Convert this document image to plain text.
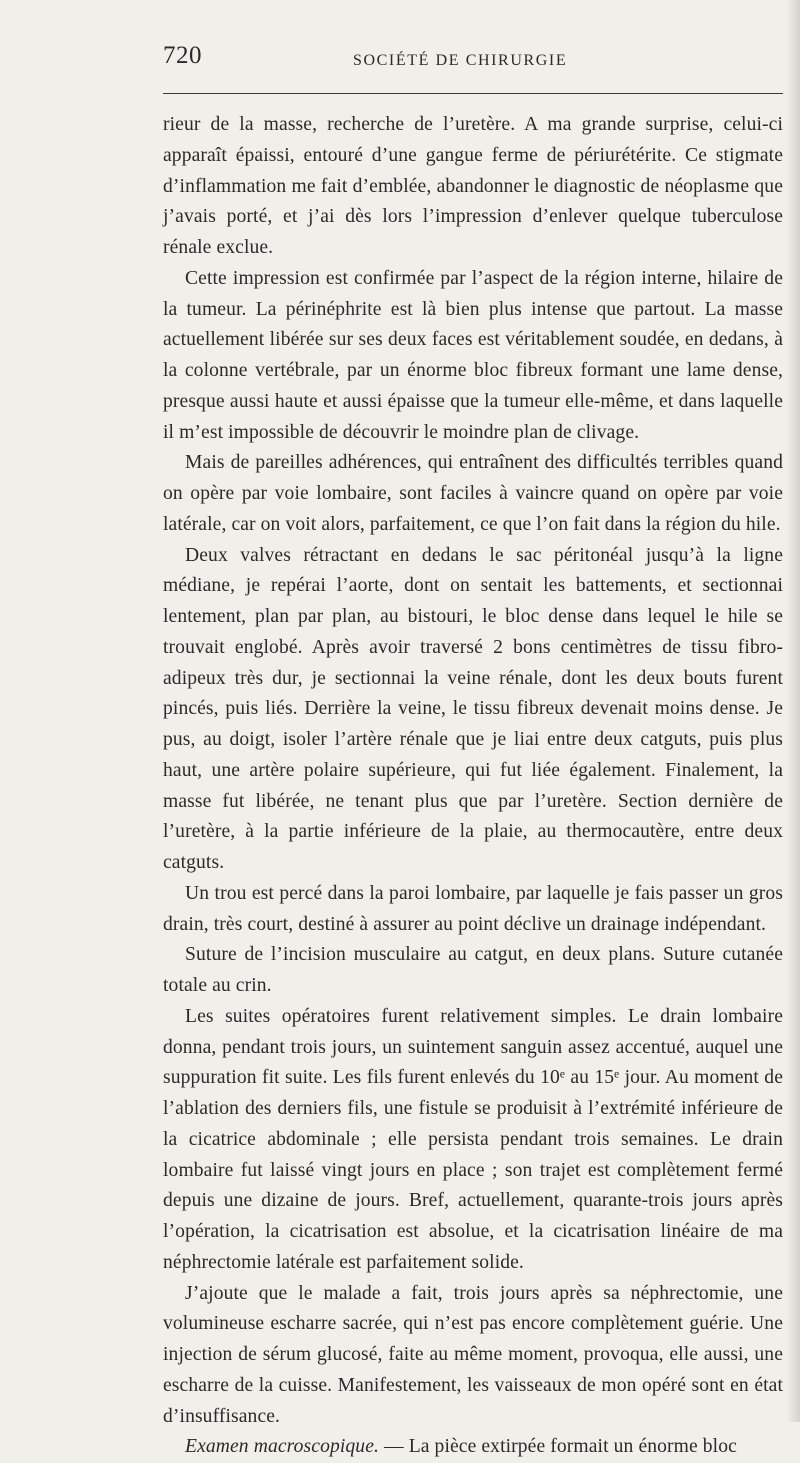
720	SOCIÉTÉ DE CHIRURGIE

rieur de la masse, recherche de l’uretère. A ma grande surprise, celui-ci apparaît épaissi, entouré d’une gangue ferme de périurétérite. Ce stigmate d’inflammation me fait d’emblée, abandonner le diagnostic de néoplasme que j’avais porté, et j’ai dès lors l’impression d’enlever quelque tuberculose rénale exclue.

Cette impression est confirmée par l’aspect de la région interne, hilaire de la tumeur. La périnéphrite est là bien plus intense que partout. La masse actuellement libérée sur ses deux faces est véritablement soudée, en dedans, à la colonne vertébrale, par un énorme bloc fibreux formant une lame dense, presque aussi haute et aussi épaisse que la tumeur elle-même, et dans laquelle il m’est impossible de découvrir le moindre plan de clivage.

Mais de pareilles adhérences, qui entraînent des difficultés terribles quand on opère par voie lombaire, sont faciles à vaincre quand on opère par voie latérale, car on voit alors, parfaitement, ce que l’on fait dans la région du hile.

Deux valves rétractant en dedans le sac péritonéal jusqu’à la ligne médiane, je repérai l’aorte, dont on sentait les battements, et sectionnai lentement, plan par plan, au bistouri, le bloc dense dans lequel le hile se trouvait englobé. Après avoir traversé 2 bons centimètres de tissu fibro-adipeux très dur, je sectionnai la veine rénale, dont les deux bouts furent pincés, puis liés. Derrière la veine, le tissu fibreux devenait moins dense. Je pus, au doigt, isoler l’artère rénale que je liai entre deux catguts, puis plus haut, une artère polaire supérieure, qui fut liée également. Finalement, la masse fut libérée, ne tenant plus que par l’uretère. Section dernière de l’uretère, à la partie inférieure de la plaie, au thermocautère, entre deux catguts.

Un trou est percé dans la paroi lombaire, par laquelle je fais passer un gros drain, très court, destiné à assurer au point déclive un drainage indépendant.

Suture de l’incision musculaire au catgut, en deux plans. Suture cutanée totale au crin.

Les suites opératoires furent relativement simples. Le drain lombaire donna, pendant trois jours, un suintement sanguin assez accentué, auquel une suppuration fit suite. Les fils furent enlevés du 10ᵉ au 15ᵉ jour. Au moment de l’ablation des derniers fils, une fistule se produisit à l’extrémité inférieure de la cicatrice abdominale ; elle persista pendant trois semaines. Le drain lombaire fut laissé vingt jours en place ; son trajet est complètement fermé depuis une dizaine de jours. Bref, actuellement, quarante-trois jours après l’opération, la cicatrisation est absolue, et la cicatrisation linéaire de ma néphrectomie latérale est parfaitement solide.

J’ajoute que le malade a fait, trois jours après sa néphrectomie, une volumineuse escharre sacrée, qui n’est pas encore complètement guérie. Une injection de sérum glucosé, faite au même moment, provoqua, elle aussi, une escharre de la cuisse. Manifestement, les vaisseaux de mon opéré sont en état d’insuffisance.

Examen macroscopique. — La pièce extirpée formait un énorme bloc
